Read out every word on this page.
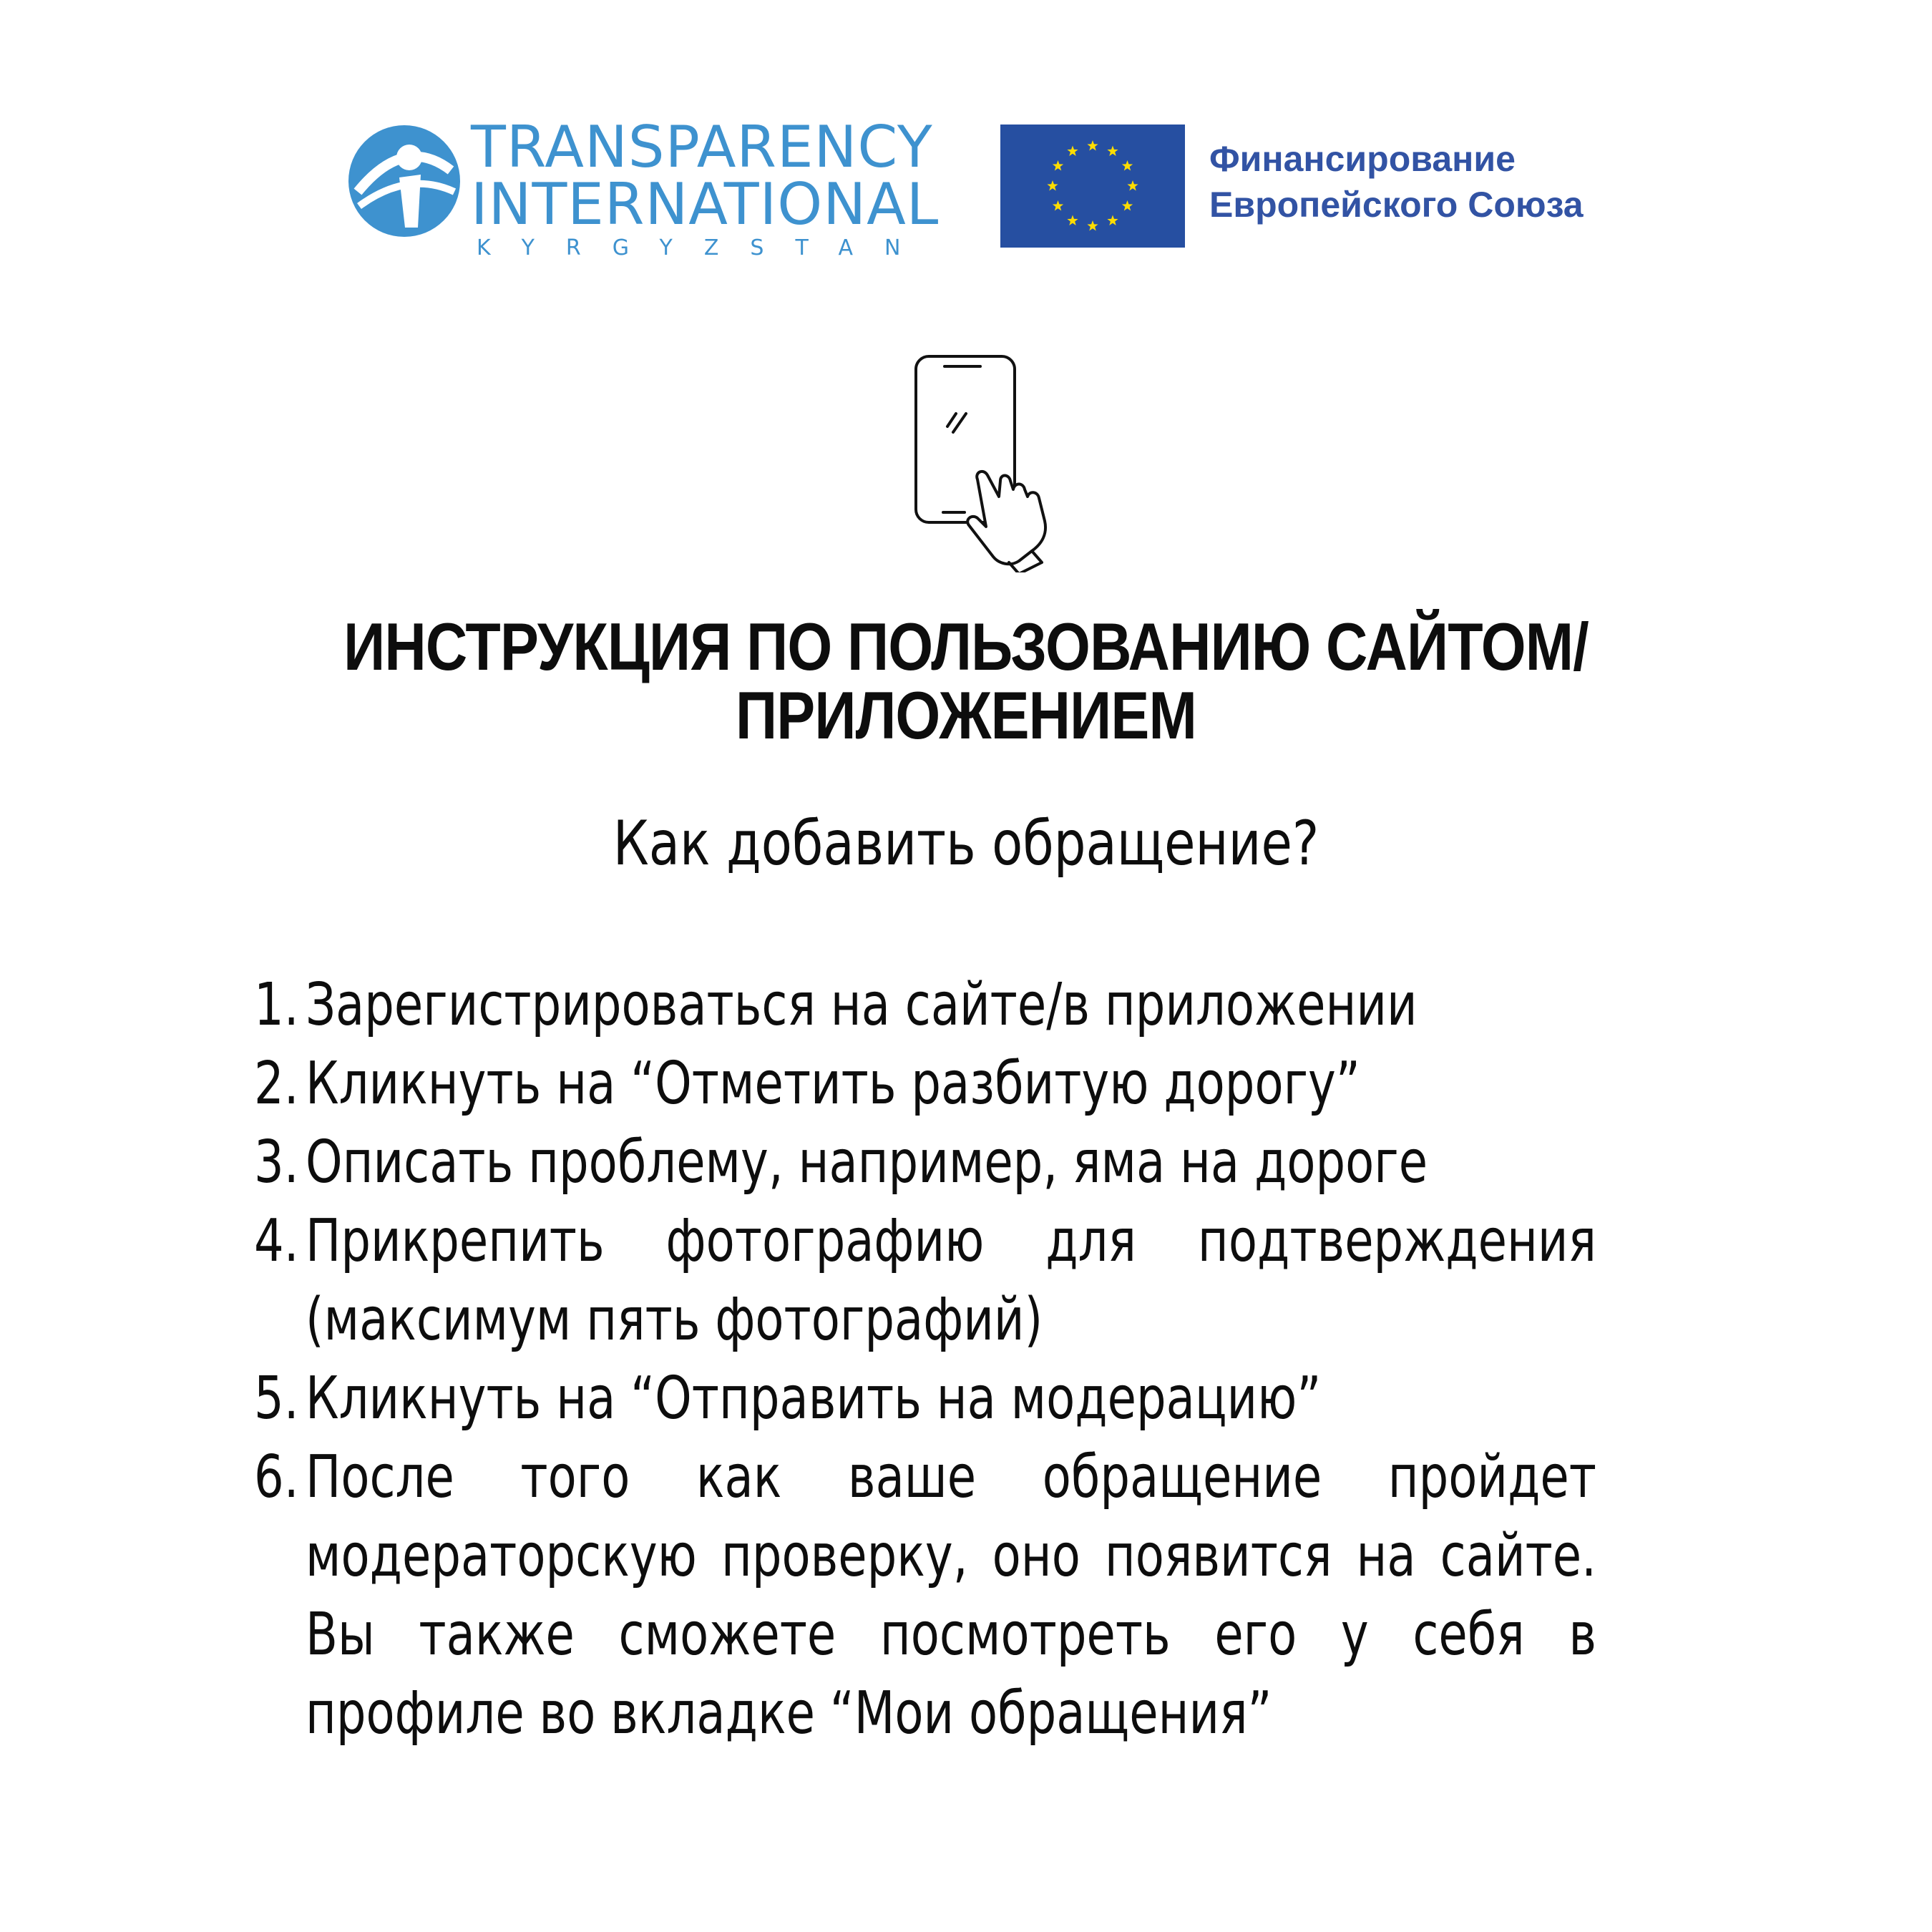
TRANSPARENCY
INTERNATIONAL
KYRGYZSTAN
Финансирование
Европейского Союза
ИНСТРУКЦИЯ ПО ПОЛЬЗОВАНИЮ САЙТОМ/
ПРИЛОЖЕНИЕМ
Как добавить обращение?
1. Зарегистрироваться на сайте/в приложении
2. Кликнуть на “Отметить разбитую дорогу”
3. Описать проблему, например, яма на дороге
4. Прикрепить фотографию для подтверждения (максимум пять фотографий)
5. Кликнуть на “Отправить на модерацию”
6. После того как ваше обращение пройдет модераторскую проверку, оно появится на сайте. Вы также сможете посмотреть его у себя в профиле во вкладке “Мои обращения”
